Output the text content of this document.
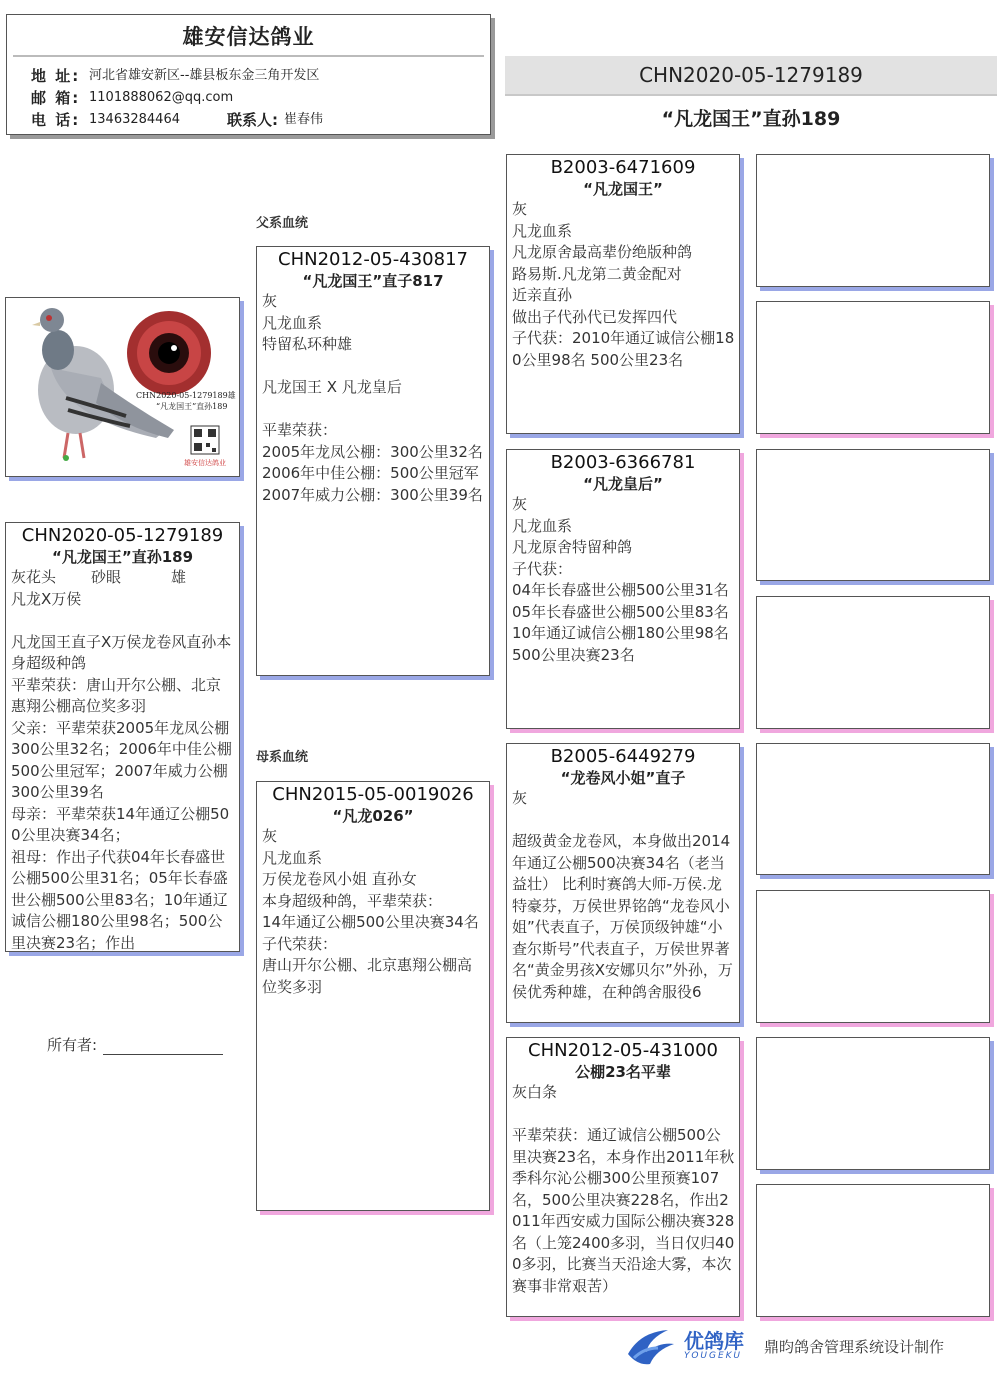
雄安信达鸽业
地 址: 河北省雄安新区--雄县板东金三角开发区
邮 箱: 1101888062@qq.com
电 话: 13463284464	联系人: 崔春伟
CHN2020-05-1279189
“凡龙国王”直孙189
父系血统
母系血统
CHN2020-05-1279189雄
“凡龙国王”直孙189
雄安信达鸽业
CHN2020-05-1279189
“凡龙国王”直孙189
灰花头	砂眼	雄
凡龙X万侯

凡龙国王直子X万侯龙卷风直孙本身超级种鸽
平辈荣获：唐山开尔公棚、北京惠翔公棚高位奖多羽
父亲：平辈荣获2005年龙凤公棚300公里32名；2006年中佳公棚500公里冠军；2007年威力公棚300公里39名
母亲：平辈荣获14年通辽公棚500公里决赛34名；
祖母：作出子代获04年长春盛世公棚500公里31名；05年长春盛世公棚500公里83名；10年通辽诚信公棚180公里98名；500公里决赛23名；作出
CHN2012-05-430817
“凡龙国王”直子817
灰
凡龙血系
特留私环种雄

凡龙国王 X 凡龙皇后

平辈荣获：
2005年龙凤公棚：300公里32名
2006年中佳公棚：500公里冠军
2007年威力公棚：300公里39名
CHN2015-05-0019026
“凡龙026”
灰
凡龙血系
万侯龙卷风小姐 直孙女
本身超级种鸽，平辈荣获：
14年通辽公棚500公里决赛34名
子代荣获：
唐山开尔公棚、北京惠翔公棚高位奖多羽
B2003-6471609
“凡龙国王”
灰
凡龙血系
凡龙原舍最高辈份绝版种鸽
路易斯.凡龙第二黄金配对
近亲直孙
做出子代孙代已发挥四代
子代获：2010年通辽诚信公棚180公里98名 500公里23名
B2003-6366781
“凡龙皇后”
灰
凡龙血系
凡龙原舍特留种鸽
子代获：
04年长春盛世公棚500公里31名
05年长春盛世公棚500公里83名
10年通辽诚信公棚180公里98名
500公里决赛23名
B2005-6449279
“龙卷风小姐”直子
灰

超级黄金龙卷风，本身做出2014年通辽公棚500决赛34名（老当益壮） 比利时赛鸽大师-万侯.龙特豪芬，万侯世界铭鸽“龙卷风小姐”代表直子，万侯顶级钟雄“小查尔斯号”代表直子，万侯世界著名“黄金男孩X安娜贝尔”外孙，万侯优秀种雄，在种鸽舍服役6
CHN2012-05-431000
公棚23名平辈
灰白条

平辈荣获：通辽诚信公棚500公里决赛23名，本身作出2011年秋季科尔沁公棚300公里预赛107名，500公里决赛228名，作出2011年西安威力国际公棚决赛328名（上笼2400多羽，当日仅归400多羽，比赛当天沿途大雾，本次赛事非常艰苦）
所有者:
优鸽库
YOUGEKU
鼎昀鸽舍管理系统设计制作
